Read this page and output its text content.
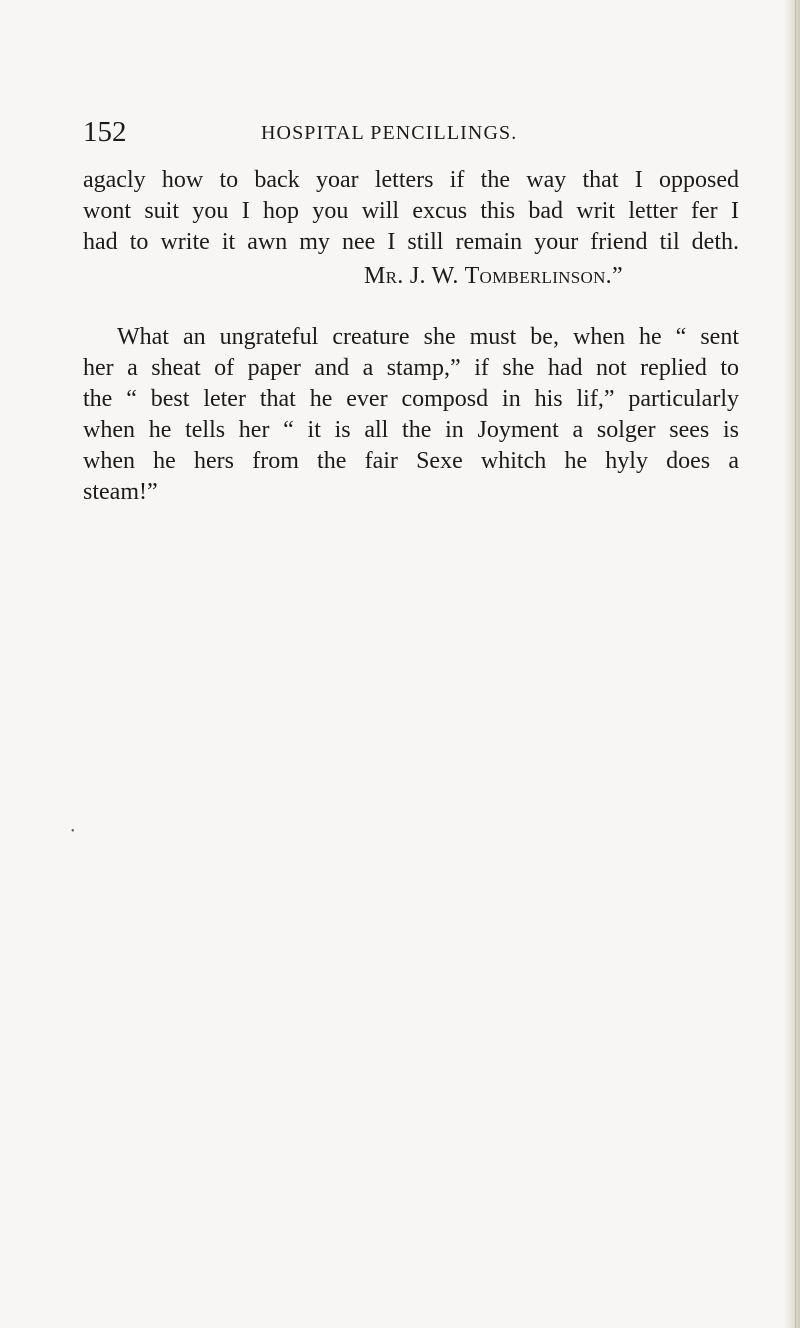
152	HOSPITAL PENCILLINGS.
agacly how to back yoar letters if the way that I opposed
wont suit you I hop you will excus this bad writ letter fer I
had to write it awn my nee I still remain your friend til deth.
Mr. J. W. Tomberlinson.”
What an ungrateful creature she must be, when he “ sent
her a sheat of paper and a stamp,” if she had not replied to
the “ best leter that he ever composd in his lif,” particularly
when he tells her “ it is all the in Joyment a solger sees is
when he hers from the fair Sexe whitch he hyly does a
steam!”
•
